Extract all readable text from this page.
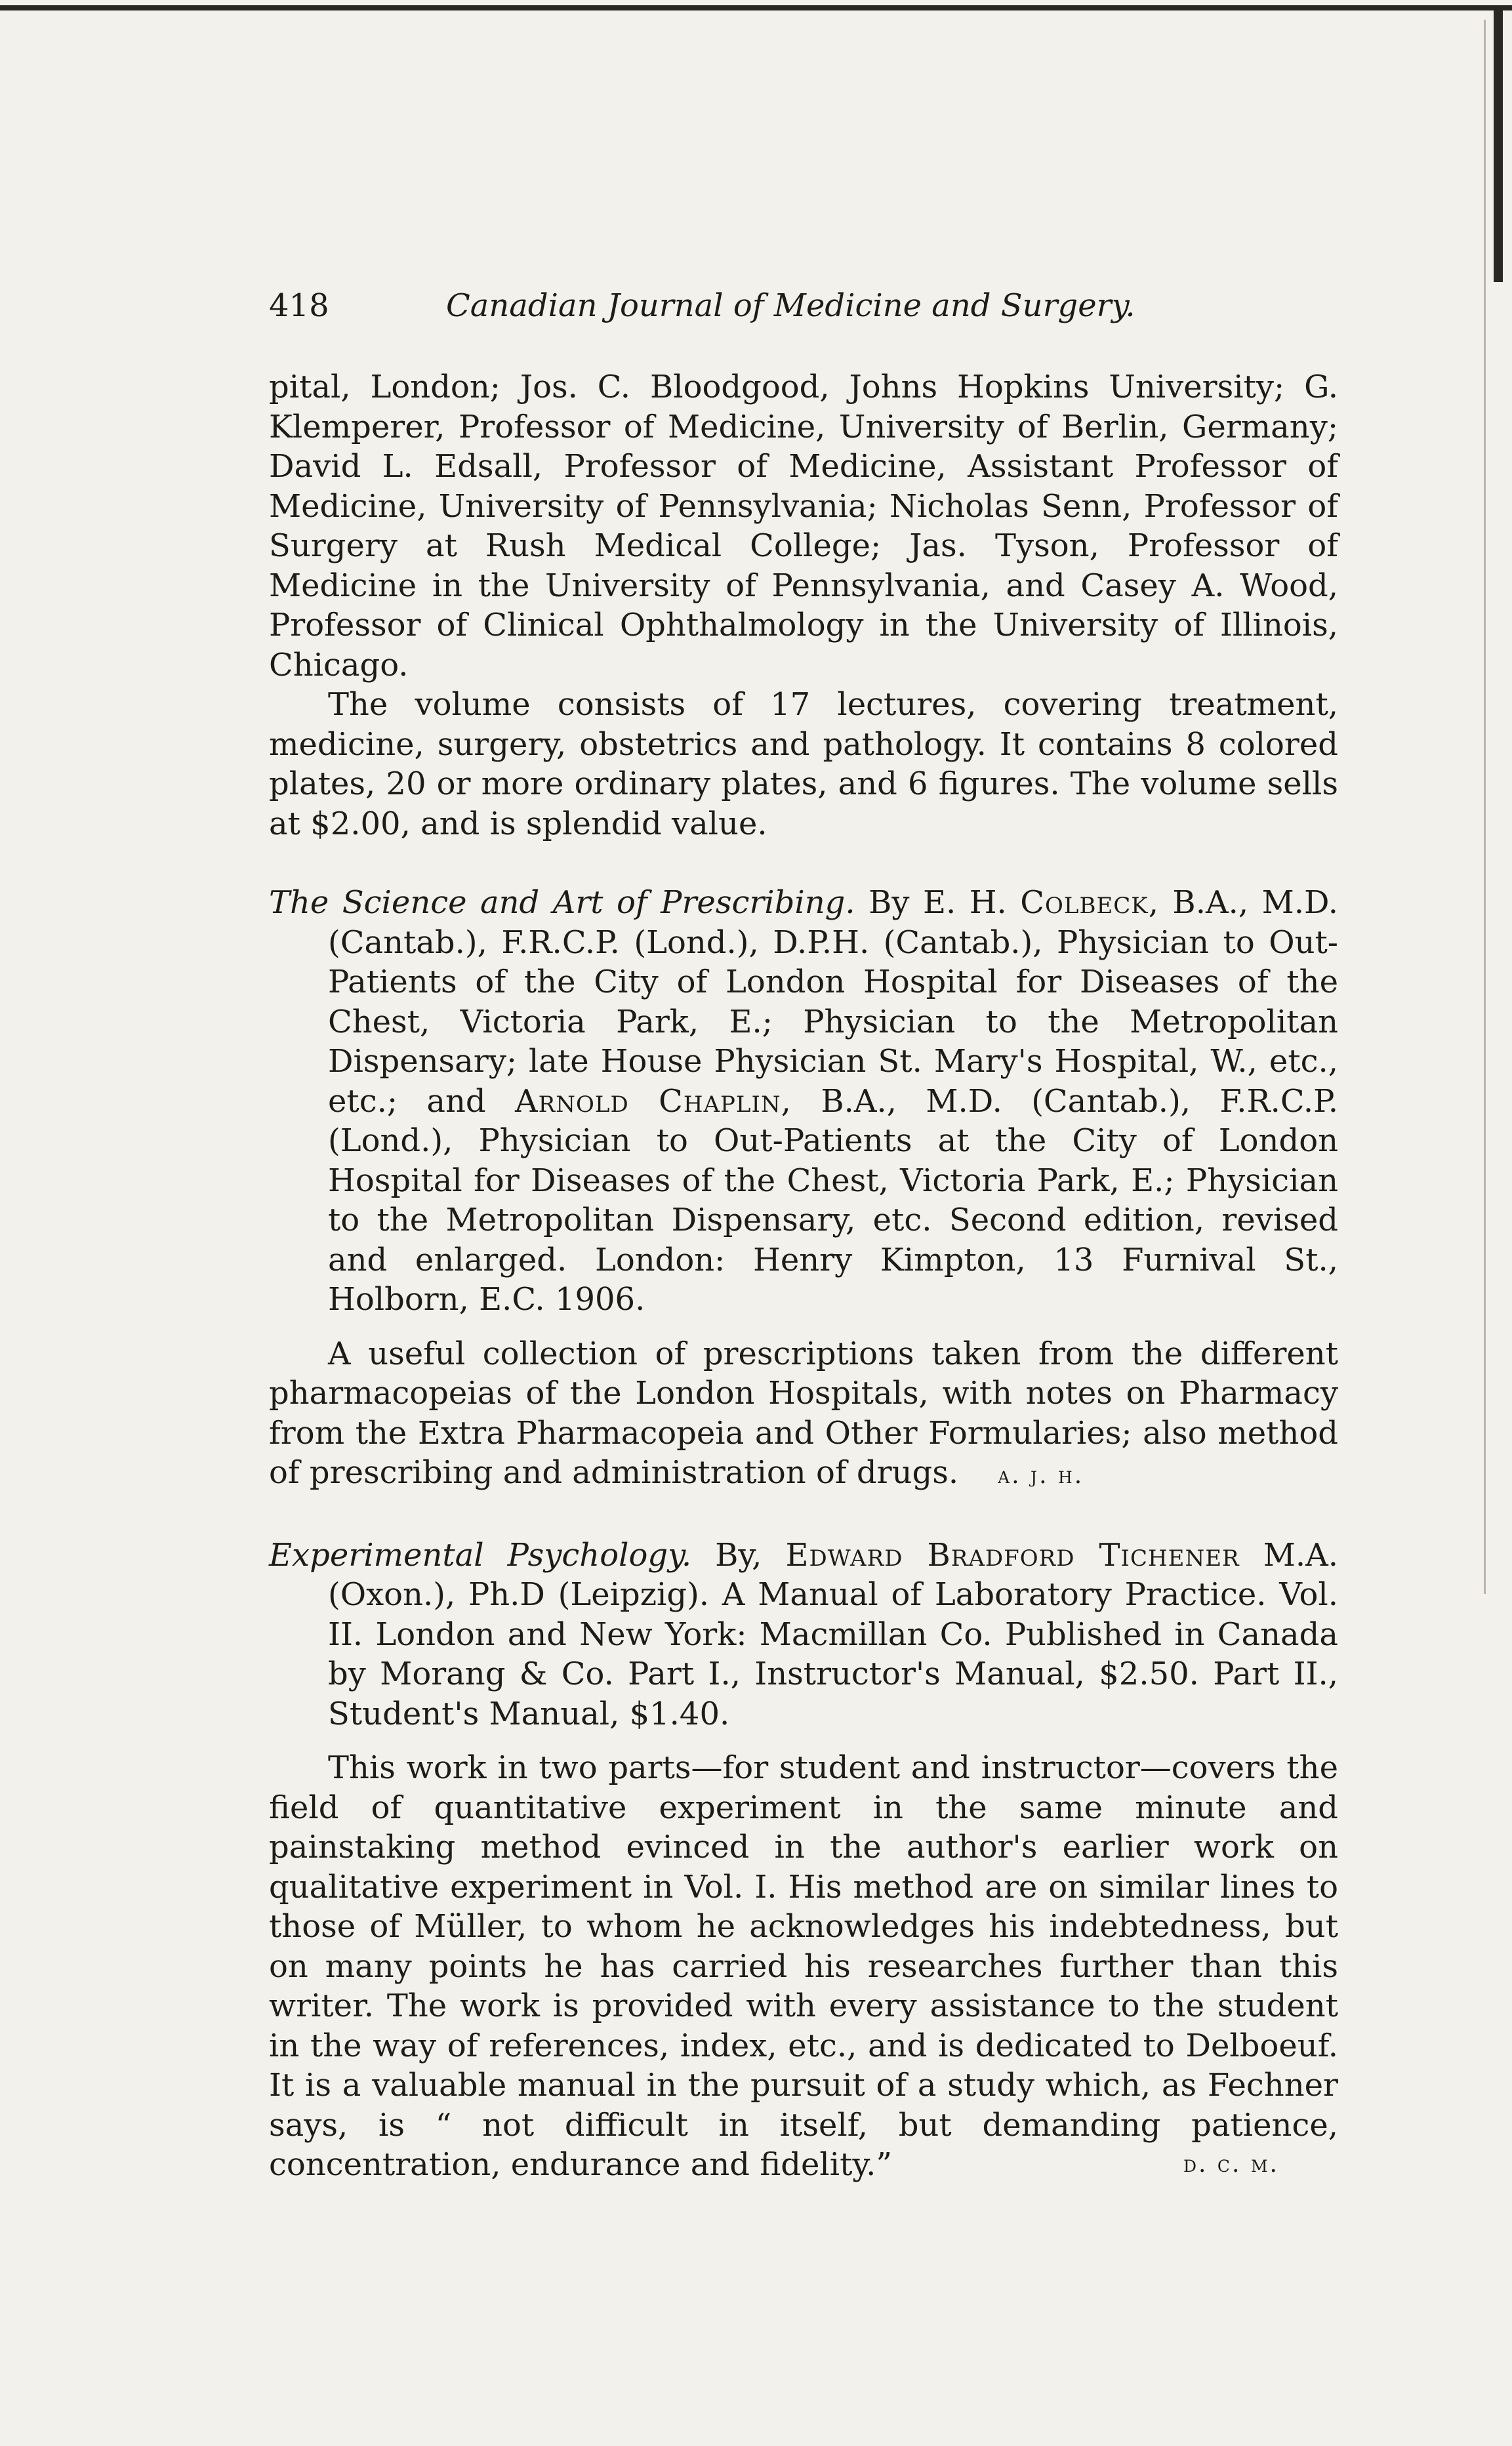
418	Canadian Journal of Medicine and Surgery.

pital, London; Jos. C. Bloodgood, Johns Hopkins University; G. Klemperer, Professor of Medicine, University of Berlin, Germany; David L. Edsall, Professor of Medicine, Assistant Professor of Medicine, University of Pennsylvania; Nicholas Senn, Professor of Surgery at Rush Medical College; Jas. Tyson, Professor of Medicine in the University of Pennsylvania, and Casey A. Wood, Professor of Clinical Ophthalmology in the University of Illinois, Chicago.

The volume consists of 17 lectures, covering treatment, medicine, surgery, obstetrics and pathology. It contains 8 colored plates, 20 or more ordinary plates, and 6 figures. The volume sells at $2.00, and is splendid value.

The Science and Art of Prescribing. By E. H. Colbeck, B.A., M.D. (Cantab.), F.R.C.P. (Lond.), D.P.H. (Cantab.), Physician to Out-Patients of the City of London Hospital for Diseases of the Chest, Victoria Park, E.; Physician to the Metropolitan Dispensary; late House Physician St. Mary's Hospital, W., etc., etc.; and Arnold Chaplin, B.A., M.D. (Cantab.), F.R.C.P. (Lond.), Physician to Out-Patients at the City of London Hospital for Diseases of the Chest, Victoria Park, E.; Physician to the Metropolitan Dispensary, etc. Second edition, revised and enlarged. London: Henry Kimpton, 13 Furnival St., Holborn, E.C. 1906.

A useful collection of prescriptions taken from the different pharmacopeias of the London Hospitals, with notes on Pharmacy from the Extra Pharmacopeia and Other Formularies; also method of prescribing and administration of drugs. a. j. h.

Experimental Psychology. By, Edward Bradford Tichener M.A. (Oxon.), Ph.D (Leipzig). A Manual of Laboratory Practice. Vol. II. London and New York: Macmillan Co. Published in Canada by Morang & Co. Part I., Instructor's Manual, $2.50. Part II., Student's Manual, $1.40.

This work in two parts—for student and instructor—covers the field of quantitative experiment in the same minute and painstaking method evinced in the author's earlier work on qualitative experiment in Vol. I. His method are on similar lines to those of Müller, to whom he acknowledges his indebtedness, but on many points he has carried his researches further than this writer. The work is provided with every assistance to the student in the way of references, index, etc., and is dedicated to Delboeuf. It is a valuable manual in the pursuit of a study which, as Fechner says, is “ not difficult in itself, but demanding patience, concentration, endurance and fidelity.”	d. c. m.
